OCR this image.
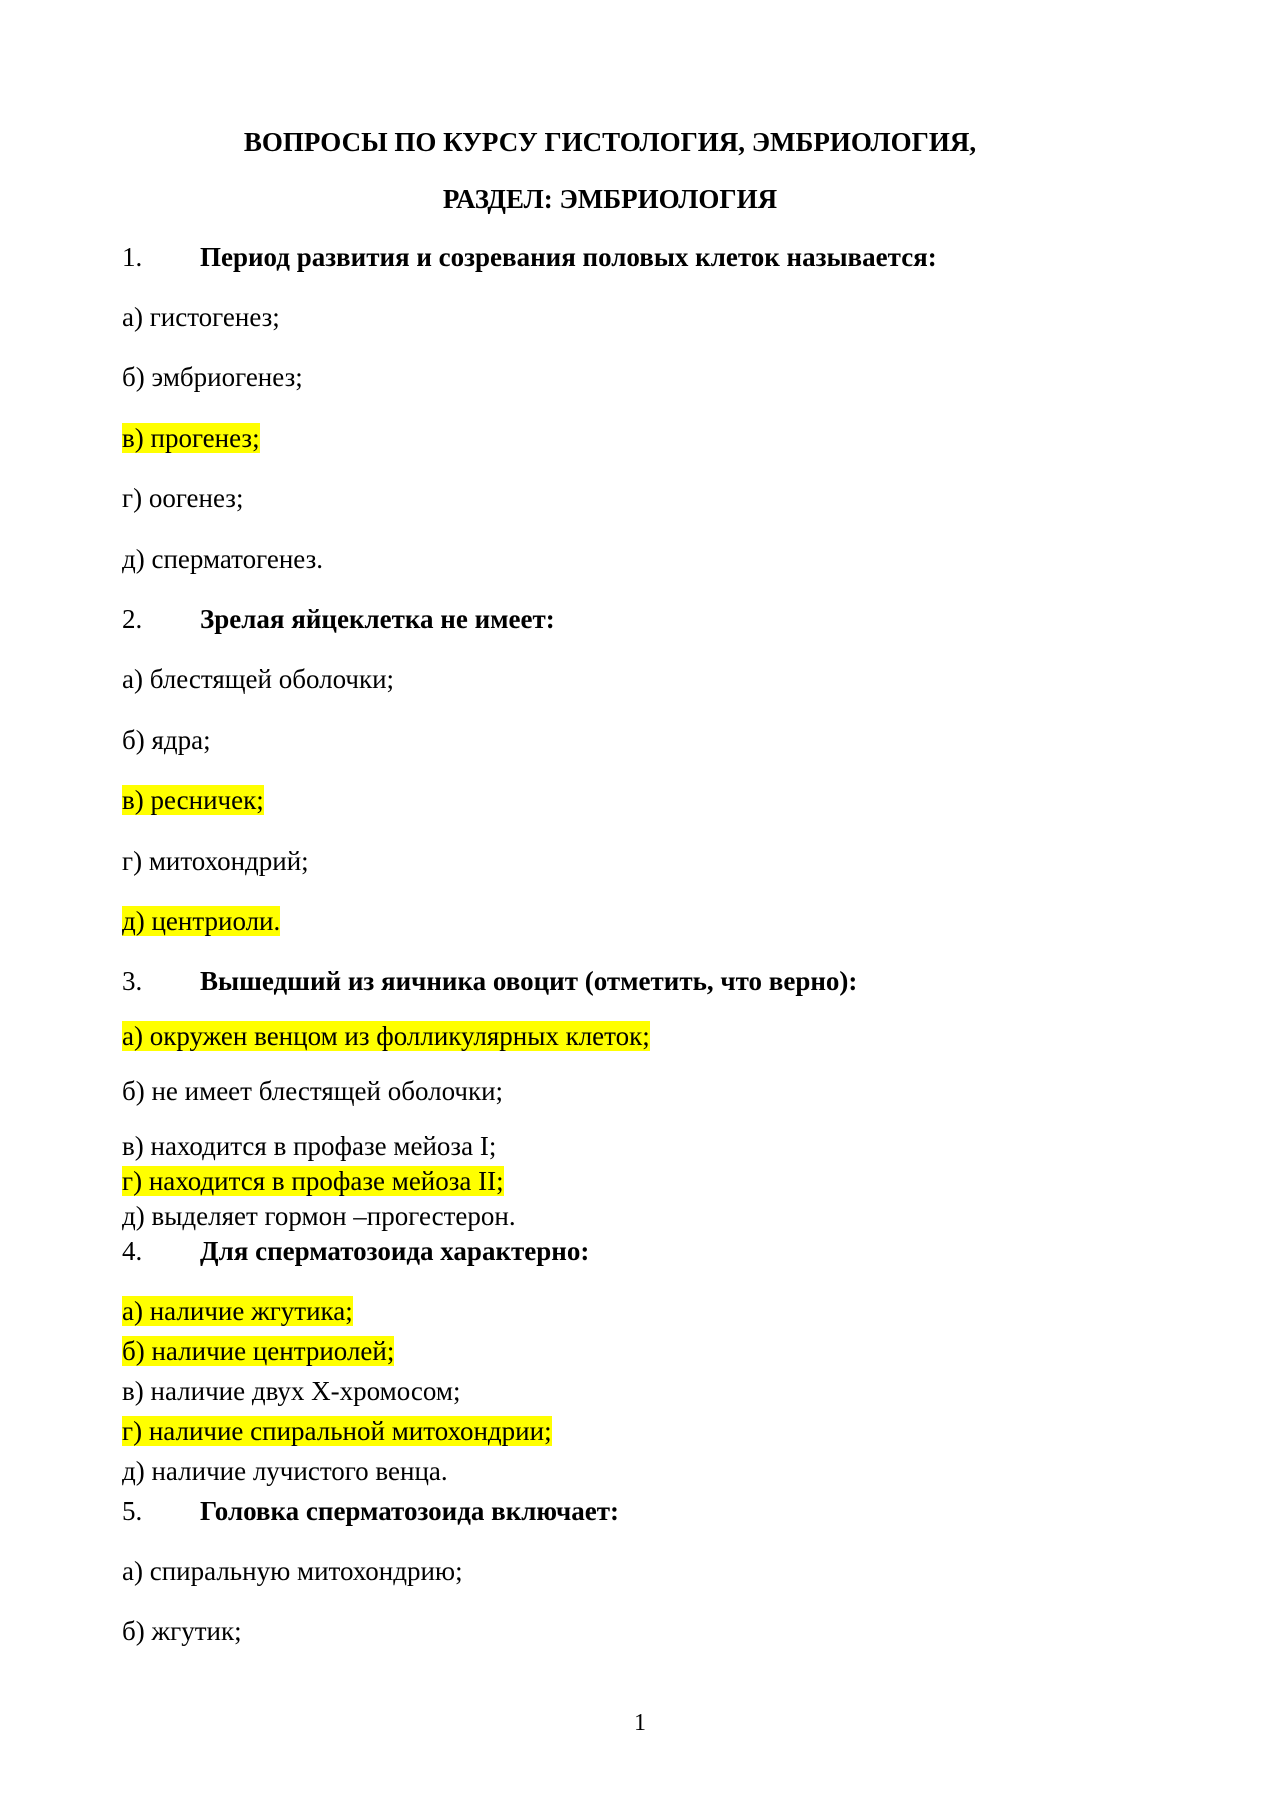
ВОПРОСЫ ПО КУРСУ ГИСТОЛОГИЯ, ЭМБРИОЛОГИЯ,
РАЗДЕЛ: ЭМБРИОЛОГИЯ
1. Период развития и созревания половых клеток называется:
а) гистогенез;
б) эмбриогенез;
в) прогенез;
г) оогенез;
д) сперматогенез.
2. Зрелая яйцеклетка не имеет:
а) блестящей оболочки;
б) ядра;
в) ресничек;
г) митохондрий;
д) центриоли.
3. Вышедший из яичника овоцит (отметить, что верно):
а) окружен венцом из фолликулярных клеток;
б) не имеет блестящей оболочки;
в) находится в профазе мейоза I;
г) находится в профазе мейоза II;
д) выделяет гормон –прогестерон.
4. Для сперматозоида характерно:
а) наличие жгутика;
б) наличие центриолей;
в) наличие двух Х-хромосом;
г) наличие спиральной митохондрии;
д) наличие лучистого венца.
5. Головка сперматозоида включает:
а) спиральную митохондрию;
б) жгутик;
1
